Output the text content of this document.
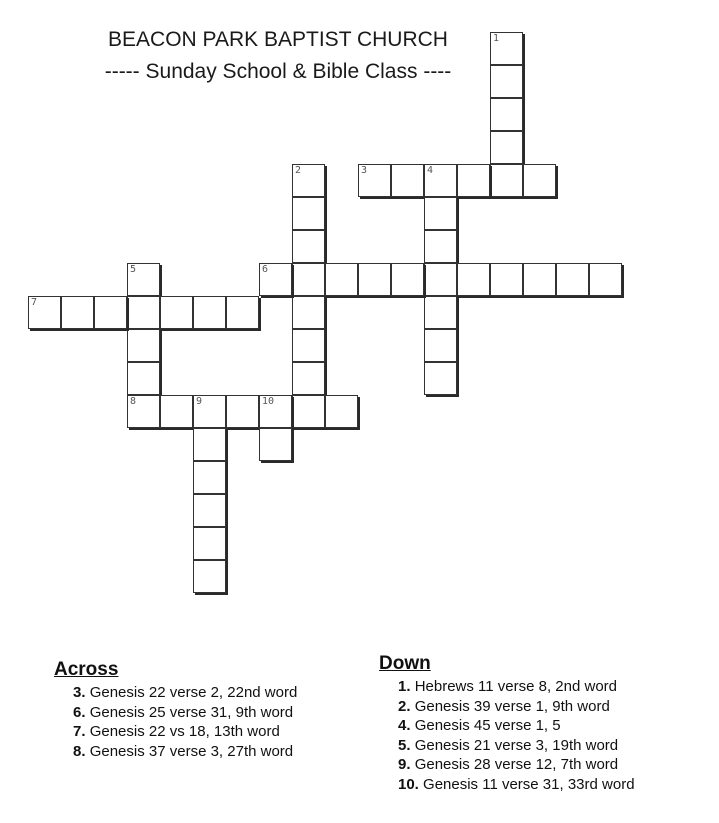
BEACON PARK BAPTIST CHURCH
----- Sunday School & Bible Class ----
1
2	3	4
5
8
6
7
9	10
Across
3. Genesis 22 verse 2, 22nd word
6. Genesis 25 verse 31, 9th word
7. Genesis 22 vs 18, 13th word
8. Genesis 37 verse 3, 27th word
Down
1. Hebrews 11 verse 8, 2nd word
2. Genesis 39 verse 1, 9th word
4. Genesis 45 verse 1, 5
5. Genesis 21 verse 3, 19th word
9. Genesis 28 verse 12, 7th word
10. Genesis 11 verse 31, 33rd word
